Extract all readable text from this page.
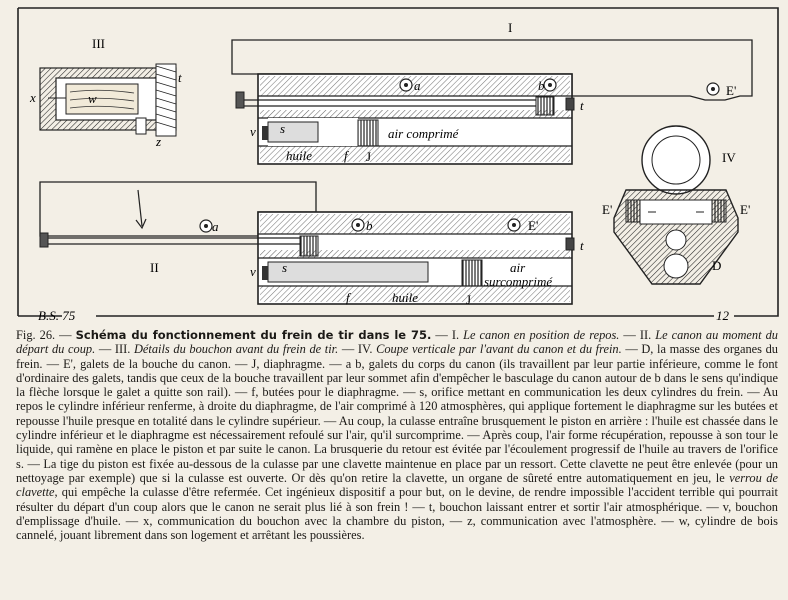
v s
a	b
t
air comprimé
huile f J
E'
I
x	w
t
z
III
E'	E'
D
IV
a	b	E'
t
v s	air
surcomprimé
f	huile	J
II
B.S. 75	12
Fig. 26. — Schéma du fonctionnement du frein de tir dans le 75. — I. Le canon en position de repos. — II. Le canon au moment du départ du coup. — III. Détails du bouchon avant du frein de tir. — IV. Coupe verticale par l'avant du canon et du frein. — D, la masse des organes du frein. — E', galets de la bouche du canon. — J, diaphragme. — a b, galets du corps du canon (ils travaillent par leur partie inférieure, comme le font d'ordinaire des galets, tandis que ceux de la bouche travaillent par leur sommet afin d'empêcher le basculage du canon autour de b dans le sens qu'indique la flèche lorsque le galet a quitte son rail). — f, butées pour le diaphragme. — s, orifice mettant en communication les deux cylindres du frein. — Au repos le cylindre inférieur renferme, à droite du diaphragme, de l'air comprimé à 120 atmosphères, qui applique fortement le diaphragme sur les butées et repousse l'huile presque en totalité dans le cylindre supérieur. — Au coup, la culasse entraîne brusquement le piston en arrière : l'huile est chassée dans le cylindre inférieur et le diaphragme est nécessairement refoulé sur l'air, qu'il surcomprime. — Après coup, l'air forme récupération, repousse à son tour le liquide, qui ramène en place le piston et par suite le canon. La brusquerie du retour est évitée par l'écoulement progressif de l'huile au travers de l'orifice s. — La tige du piston est fixée au-dessous de la culasse par une clavette maintenue en place par un ressort. Cette clavette ne peut être enlevée (pour un nettoyage par exemple) que si la culasse est ouverte. Or dès qu'on retire la clavette, un organe de sûreté entre automatiquement en jeu, le verrou de clavette, qui empêche la culasse d'être refermée. Cet ingénieux dispositif a pour but, on le devine, de rendre impossible l'accident terrible qui pourrait résulter du départ d'un coup alors que le canon ne serait plus lié à son frein ! — t, bouchon laissant entrer et sortir l'air atmosphérique. — v, bouchon d'emplissage d'huile. — x, communication du bouchon avec la chambre du piston, — z, communication avec l'atmosphère. — w, cylindre de bois cannelé, jouant librement dans son logement et arrêtant les poussières.
